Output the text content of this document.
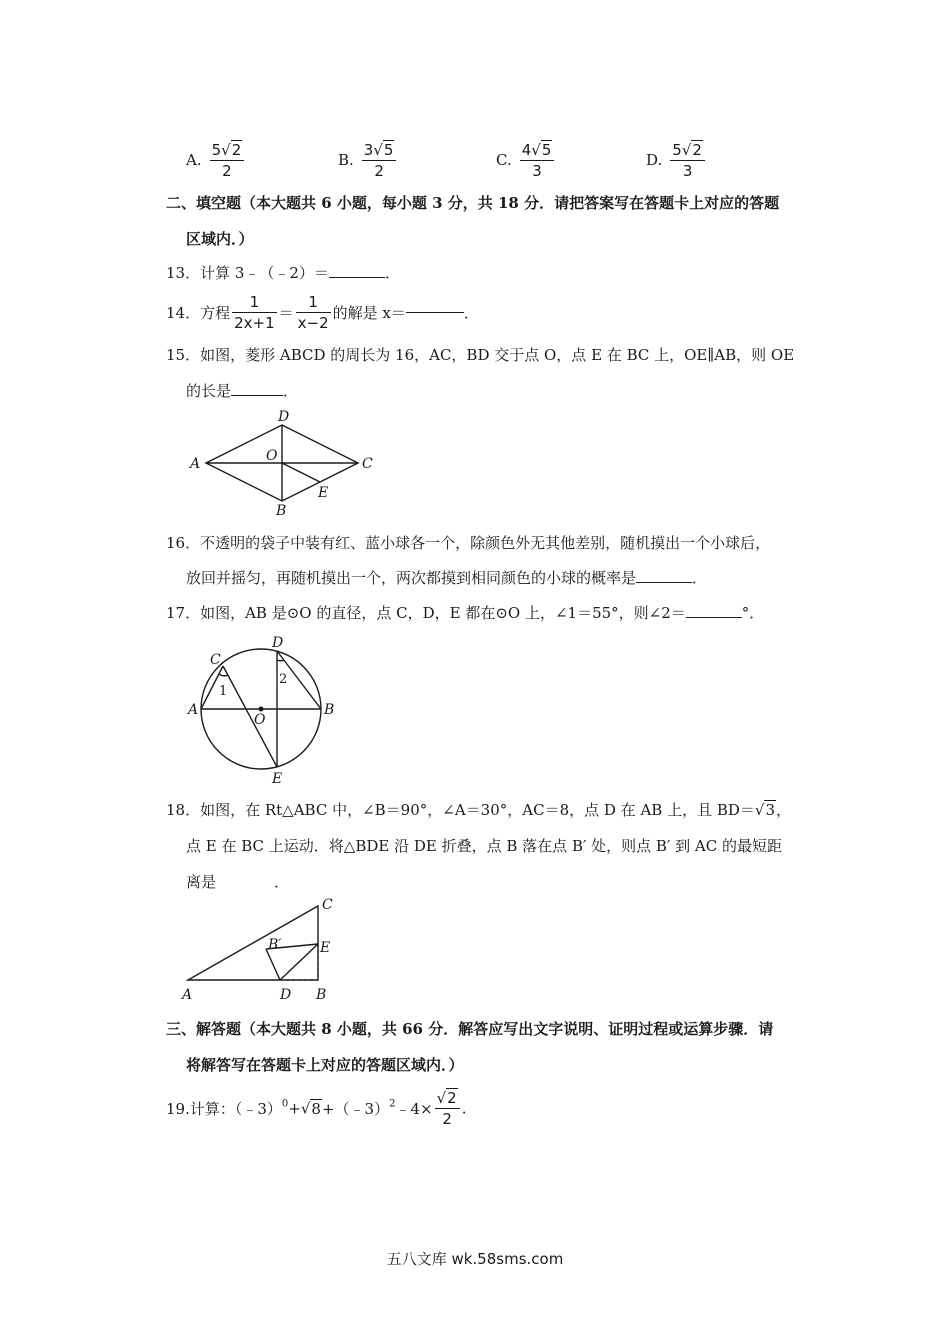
A. $\frac{5√2}{2}$	B. $\frac{3√5}{2}$	C. $\frac{4√5}{3}$	D. $\frac{5√2}{3}$
二、填空题（本大题共 6 小题，每小题 3 分，共 18 分．请把答案写在答题卡上对应的答题
区域内．）
13．计算 3﹣（﹣2）＝	．
14．方程 $\frac{1}{2x+1} = \frac{1}{x-2}$ 的解是 x＝	．
15．如图，菱形 ABCD 的周长为 16，AC，BD 交于点 O，点 E 在 BC 上，OE∥AB，则 OE
的长是	．
A
D
C
B
O
E
16．不透明的袋子中装有红、蓝小球各一个，除颜色外无其他差别，随机摸出一个小球后，
放回并摇匀，再随机摸出一个，两次都摸到相同颜色的小球的概率是	．
17．如图，AB 是⊙O 的直径，点 C，D，E 都在⊙O 上，∠1＝55°，则∠2＝	°．
C
D
A	B
O
E
1
2
18．如图，在 Rt△ABC 中，∠B＝90°，∠A＝30°，AC＝8，点 D 在 AB 上，且 BD＝√3，
点 E 在 BC 上运动．将△BDE 沿 DE 折叠，点 B 落在点 B′ 处，则点 B′ 到 AC 的最短距
离是	．
A
C
E
B′
D B
三、解答题（本大题共 8 小题，共 66 分．解答应写出文字说明、证明过程或运算步骤．请
将解答写在答题卡上对应的答题区域内．）
19.计算：（﹣3）$^0$+√8+（﹣3）$^2$﹣4× $\frac{√2}{2}$ .
五八文库 wk.58sms.com
